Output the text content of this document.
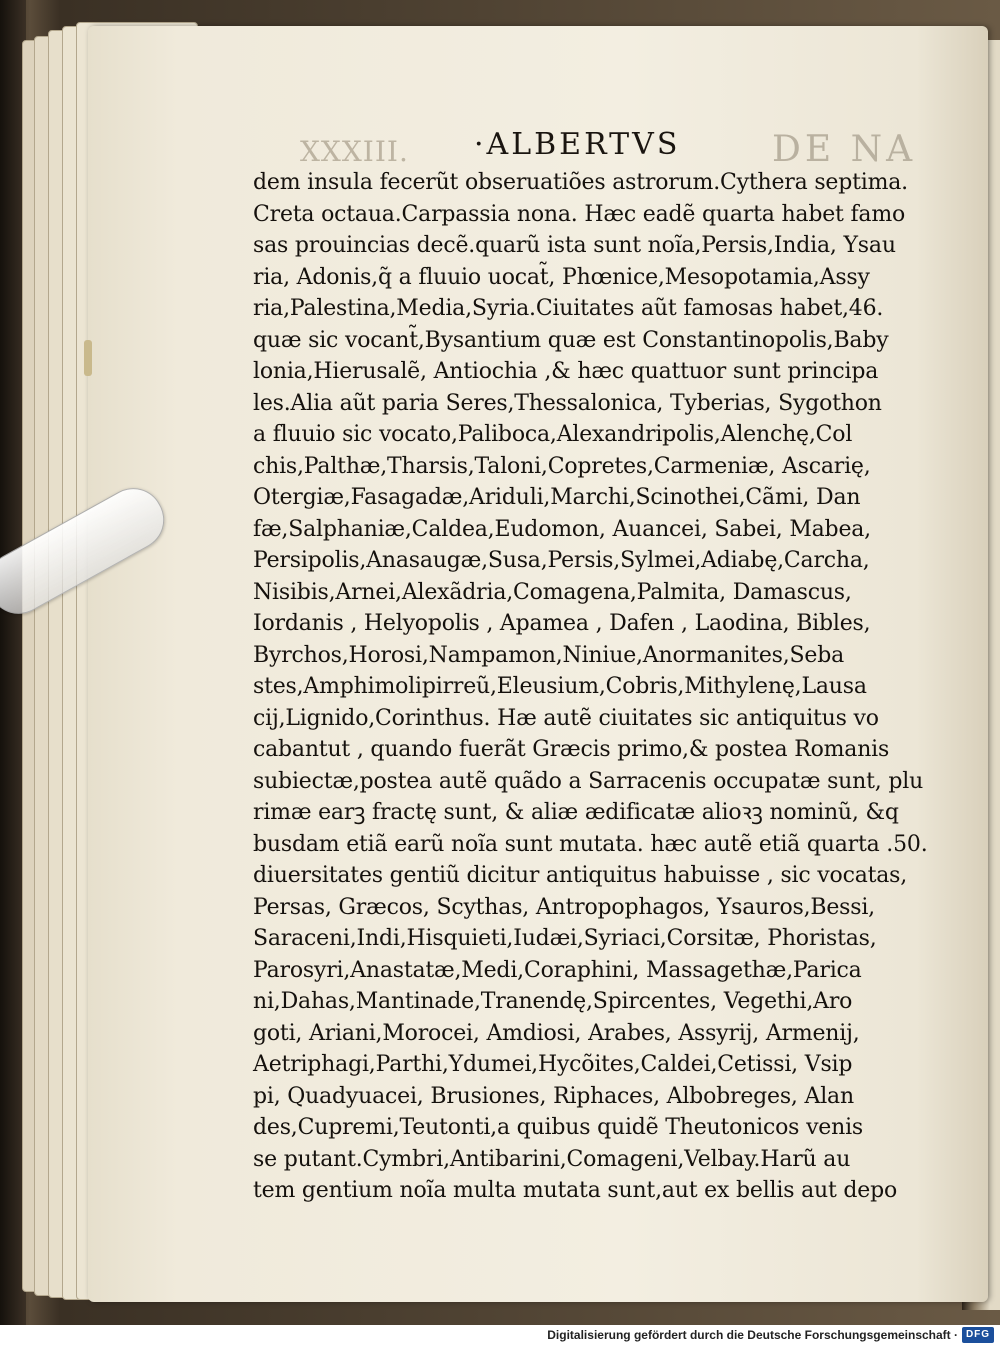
XXXIII.	DE NA
·ALBERTVS
dem insula fecerũt obseruatiões astrorum.Cythera septima.
Creta octaua.Carpassia nona. Hæc eadẽ quarta habet famo
sas prouincias decẽ.quarũ ista sunt noĩa,Persis,India, Ysau
ria, Adonis,q̃ a fluuio uocat̃, Phœnice,Mesopotamia,Assy
ria,Palestina,Media,Syria.Ciuitates aũt famosas habet,46.
quæ sic vocant̃,Bysantium quæ est Constantinopolis,Baby
lonia,Hierusalẽ, Antiochia ,& hæc quattuor sunt principa
les.Alia aũt paria Seres,Thessalonica, Tyberias, Sygothon
a fluuio sic vocato,Paliboca,Alexandripolis,Alenchę,Col
chis,Palthæ,Tharsis,Taloni,Copretes,Carmeniæ, Ascarię,
Otergiæ,Fasagadæ,Ariduli,Marchi,Scinothei,Cãmi, Dan
fæ,Salphaniæ,Caldea,Eudomon, Auancei, Sabei, Mabea,
Persipolis,Anasaugæ,Susa,Persis,Sylmei,Adiabę,Carcha,
Nisibis,Arnei,Alexãdria,Comagena,Palmita, Damascus,
Iordanis , Helyopolis , Apamea , Dafen , Laodina, Bibles,
Byrchos,Horosi,Nampamon,Niniue,Anormanites,Seba
stes,Amphimolipirreũ,Eleusium,Cobris,Mithylenę,Lausa
cij,Lignido,Corinthus. Hæ autẽ ciuitates sic antiquitus vo
cabantut , quando fuerãt Græcis primo,& postea Romanis
subiectæ,postea autẽ quãdo a Sarracenis occupatæ sunt, plu
rimæ earꝫ fractę sunt, & aliæ ædificatæ alioꝛꝫ nominũ, &q
busdam etiã earũ noĩa sunt mutata. hæc autẽ etiã quarta .50.
diuersitates gentiũ dicitur antiquitus habuisse , sic vocatas,
Persas, Græcos, Scythas, Antropophagos, Ysauros,Bessi,
Saraceni,Indi,Hisquieti,Iudæi,Syriaci,Corsitæ, Phoristas,
Parosyri,Anastatæ,Medi,Coraphini, Massagethæ,Parica
ni,Dahas,Mantinade,Tranendę,Spircentes, Vegethi,Aro
goti, Ariani,Morocei, Amdiosi, Arabes, Assyrij, Armenij,
Aetriphagi,Parthi,Ydumei,Hycõites,Caldei,Cetissi, Vsip
pi, Quadyuacei, Brusiones, Riphaces, Albobreges, Alan
des,Cupremi,Teutonti,a quibus quidẽ Theutonicos venis
se putant.Cymbri,Antibarini,Comageni,Velbay.Harũ au
tem gentium noĩa multa mutata sunt,aut ex bellis aut depo
Digitalisierung gefördert durch die Deutsche Forschungsgemeinschaft · DFG
